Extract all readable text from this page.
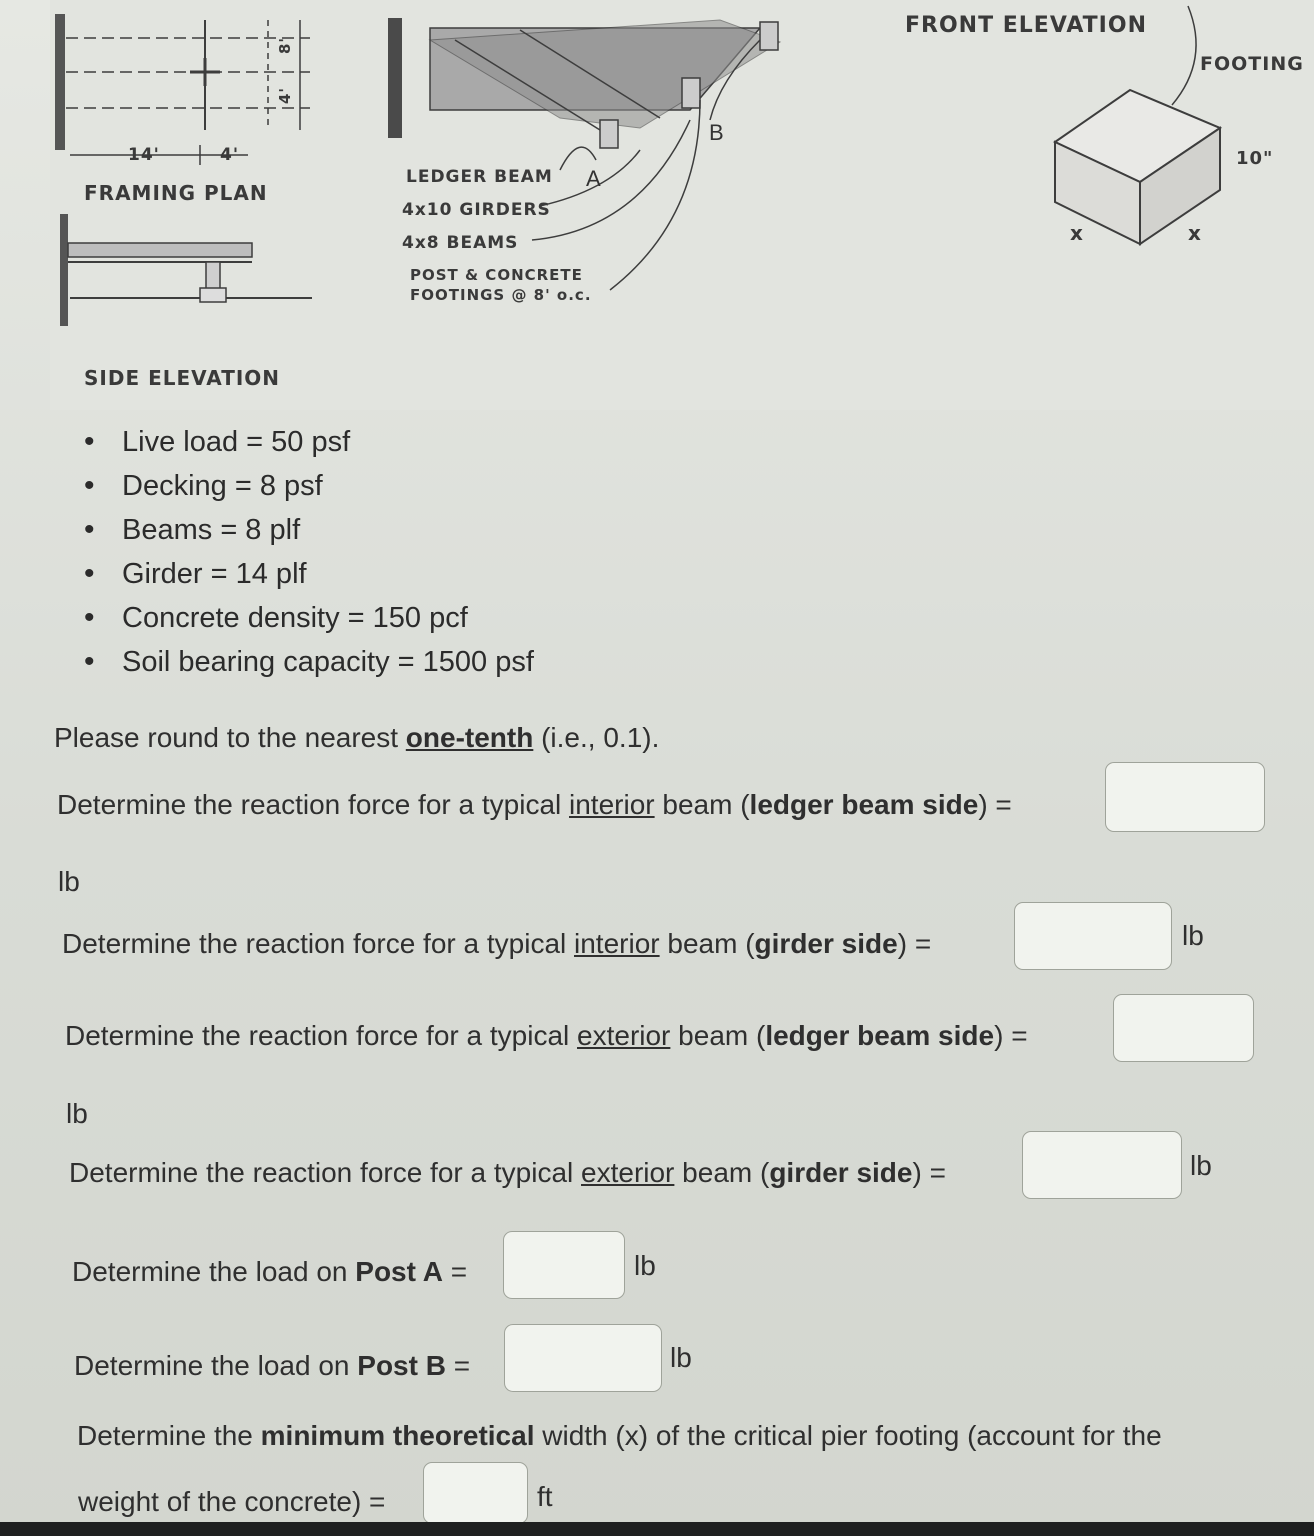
14'	4'
8'
4'
FRAMING PLAN
SIDE ELEVATION
LEDGER BEAM
4x10 GIRDERS
4x8 BEAMS
POST & CONCRETE
FOOTINGS @ 8' o.c.
A
B
FRONT ELEVATION
FOOTING
10"
x	x
• Live load = 50 psf
• Decking = 8 psf
• Beams = 8 plf
• Girder = 14 plf
• Concrete density = 150 pcf
• Soil bearing capacity = 1500 psf
Please round to the nearest one-tenth (i.e., 0.1).
Determine the reaction force for a typical interior beam (ledger beam side) =
lb
Determine the reaction force for a typical interior beam (girder side) =	lb
Determine the reaction force for a typical exterior beam (ledger beam side) =
lb
Determine the reaction force for a typical exterior beam (girder side) =	lb
Determine the load on Post A =	lb
Determine the load on Post B =	lb
Determine the minimum theoretical width (x) of the critical pier footing (account for the
weight of the concrete) =	ft
